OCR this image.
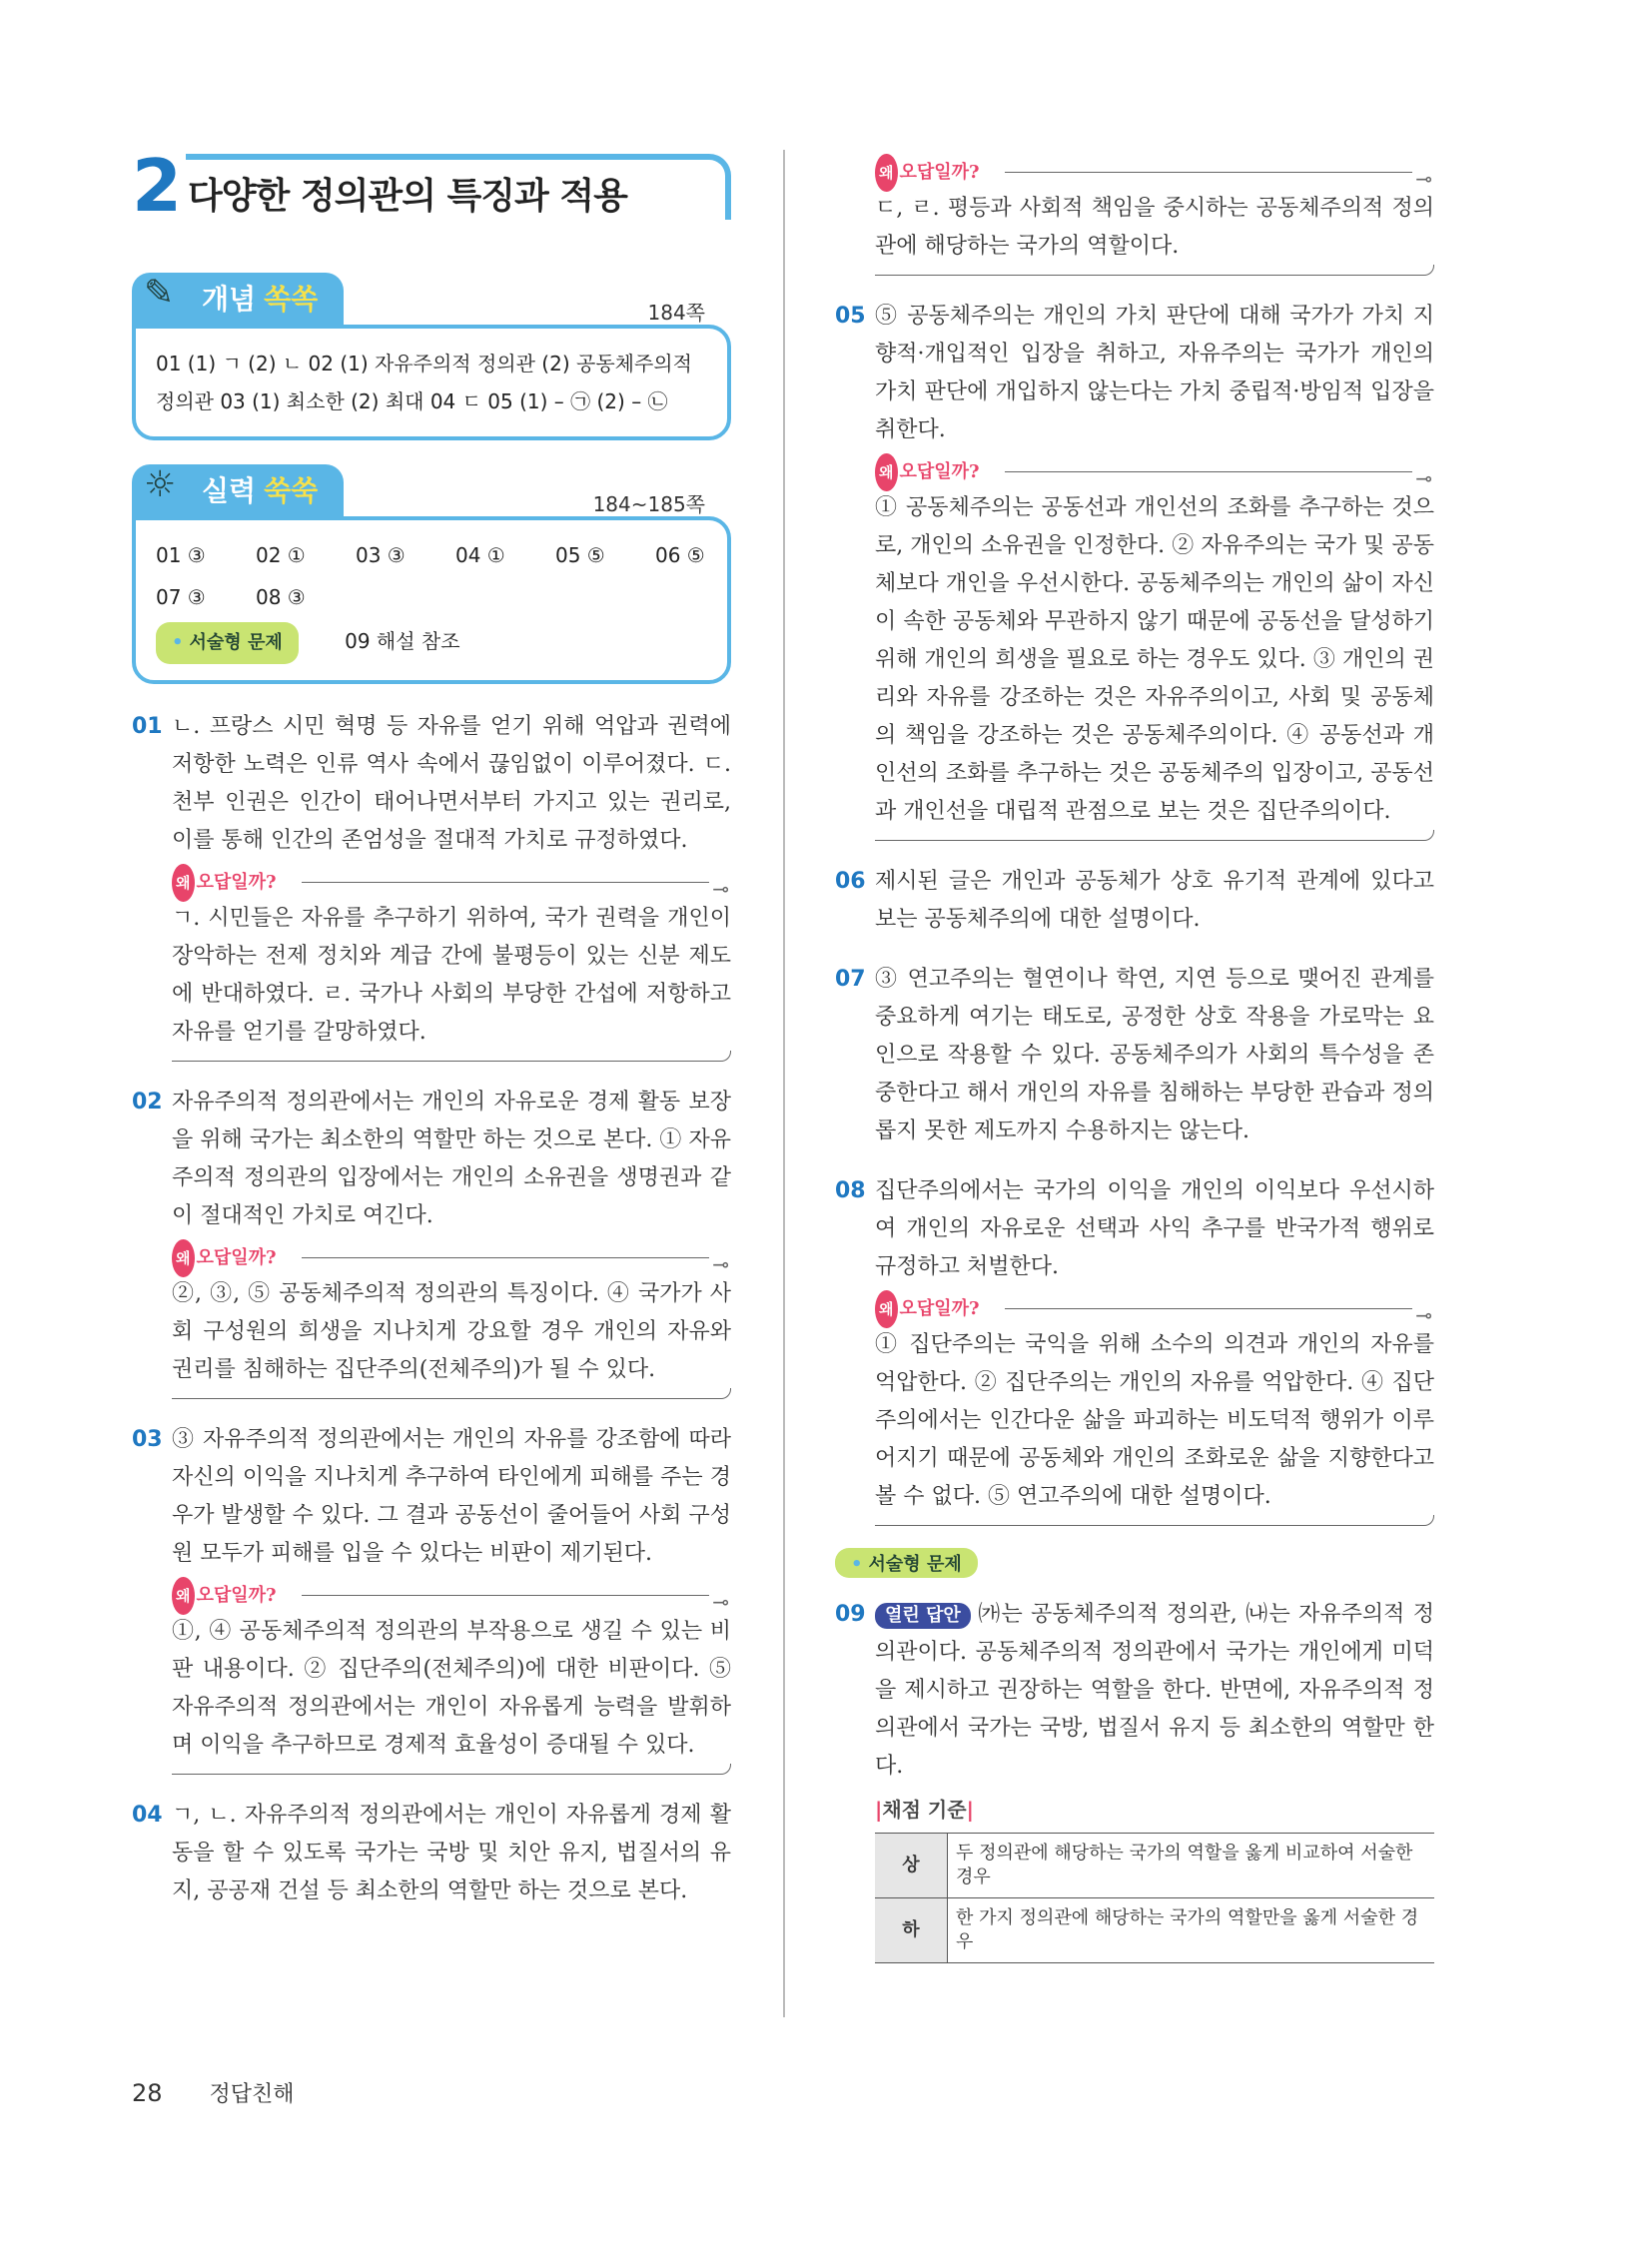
2 다양한 정의관의 특징과 적용
✎ 개념 쏙쏙	184쪽
01 (1) ㄱ (2) ㄴ 02 (1) 자유주의적 정의관 (2) 공동체주의적
정의관 03 (1) 최소한 (2) 최대 04 ㄷ 05 (1) – ㉠ (2) – ㉡
☼ 실력 쑥쑥	184~185쪽
01 ③	02 ①	03 ③	04 ①	05 ⑤	06 ⑤
07 ③	08 ③
• 서술형 문제	09 해설 참조
01 ㄴ. 프랑스 시민 혁명 등 자유를 얻기 위해 억압과 권력에 저항한 노력은 인류 역사 속에서 끊임없이 이루어졌다. ㄷ. 천부 인권은 인간이 태어나면서부터 가지고 있는 권리로, 이를 통해 인간의 존엄성을 절대적 가치로 규정하였다.
왜 오답일까?	⊸
ㄱ. 시민들은 자유를 추구하기 위하여, 국가 권력을 개인이 장악하는 전제 정치와 계급 간에 불평등이 있는 신분 제도에 반대하였다. ㄹ. 국가나 사회의 부당한 간섭에 저항하고 자유를 얻기를 갈망하였다.
02 자유주의적 정의관에서는 개인의 자유로운 경제 활동 보장을 위해 국가는 최소한의 역할만 하는 것으로 본다. ① 자유주의적 정의관의 입장에서는 개인의 소유권을 생명권과 같이 절대적인 가치로 여긴다.
왜 오답일까?	⊸
②, ③, ⑤ 공동체주의적 정의관의 특징이다. ④ 국가가 사회 구성원의 희생을 지나치게 강요할 경우 개인의 자유와 권리를 침해하는 집단주의(전체주의)가 될 수 있다.
03 ③ 자유주의적 정의관에서는 개인의 자유를 강조함에 따라 자신의 이익을 지나치게 추구하여 타인에게 피해를 주는 경우가 발생할 수 있다. 그 결과 공동선이 줄어들어 사회 구성원 모두가 피해를 입을 수 있다는 비판이 제기된다.
왜 오답일까?	⊸
①, ④ 공동체주의적 정의관의 부작용으로 생길 수 있는 비판 내용이다. ② 집단주의(전체주의)에 대한 비판이다. ⑤ 자유주의적 정의관에서는 개인이 자유롭게 능력을 발휘하며 이익을 추구하므로 경제적 효율성이 증대될 수 있다.
04 ㄱ, ㄴ. 자유주의적 정의관에서는 개인이 자유롭게 경제 활동을 할 수 있도록 국가는 국방 및 치안 유지, 법질서의 유지, 공공재 건설 등 최소한의 역할만 하는 것으로 본다.
왜 오답일까?	⊸
ㄷ, ㄹ. 평등과 사회적 책임을 중시하는 공동체주의적 정의관에 해당하는 국가의 역할이다.
05 ⑤ 공동체주의는 개인의 가치 판단에 대해 국가가 가치 지향적·개입적인 입장을 취하고, 자유주의는 국가가 개인의 가치 판단에 개입하지 않는다는 가치 중립적·방임적 입장을 취한다.
왜 오답일까?	⊸
① 공동체주의는 공동선과 개인선의 조화를 추구하는 것으로, 개인의 소유권을 인정한다. ② 자유주의는 국가 및 공동체보다 개인을 우선시한다. 공동체주의는 개인의 삶이 자신이 속한 공동체와 무관하지 않기 때문에 공동선을 달성하기 위해 개인의 희생을 필요로 하는 경우도 있다. ③ 개인의 권리와 자유를 강조하는 것은 자유주의이고, 사회 및 공동체의 책임을 강조하는 것은 공동체주의이다. ④ 공동선과 개인선의 조화를 추구하는 것은 공동체주의 입장이고, 공동선과 개인선을 대립적 관점으로 보는 것은 집단주의이다.
06 제시된 글은 개인과 공동체가 상호 유기적 관계에 있다고 보는 공동체주의에 대한 설명이다.
07 ③ 연고주의는 혈연이나 학연, 지연 등으로 맺어진 관계를 중요하게 여기는 태도로, 공정한 상호 작용을 가로막는 요인으로 작용할 수 있다. 공동체주의가 사회의 특수성을 존중한다고 해서 개인의 자유를 침해하는 부당한 관습과 정의롭지 못한 제도까지 수용하지는 않는다.
08 집단주의에서는 국가의 이익을 개인의 이익보다 우선시하여 개인의 자유로운 선택과 사익 추구를 반국가적 행위로 규정하고 처벌한다.
왜 오답일까?	⊸
① 집단주의는 국익을 위해 소수의 의견과 개인의 자유를 억압한다. ② 집단주의는 개인의 자유를 억압한다. ④ 집단주의에서는 인간다운 삶을 파괴하는 비도덕적 행위가 이루어지기 때문에 공동체와 개인의 조화로운 삶을 지향한다고 볼 수 없다. ⑤ 연고주의에 대한 설명이다.
• 서술형 문제
09	열린 답안 ㈎는 공동체주의적 정의관, ㈏는 자유주의적 정의관이다. 공동체주의적 정의관에서 국가는 개인에게 미덕을 제시하고 권장하는 역할을 한다. 반면에, 자유주의적 정의관에서 국가는 국방, 법질서 유지 등 최소한의 역할만 한다.
|채점 기준|
상	두 정의관에 해당하는 국가의 역할을 옳게 비교하여 서술한 경우
하	한 가지 정의관에 해당하는 국가의 역할만을 옳게 서술한 경우
28 정답친해
